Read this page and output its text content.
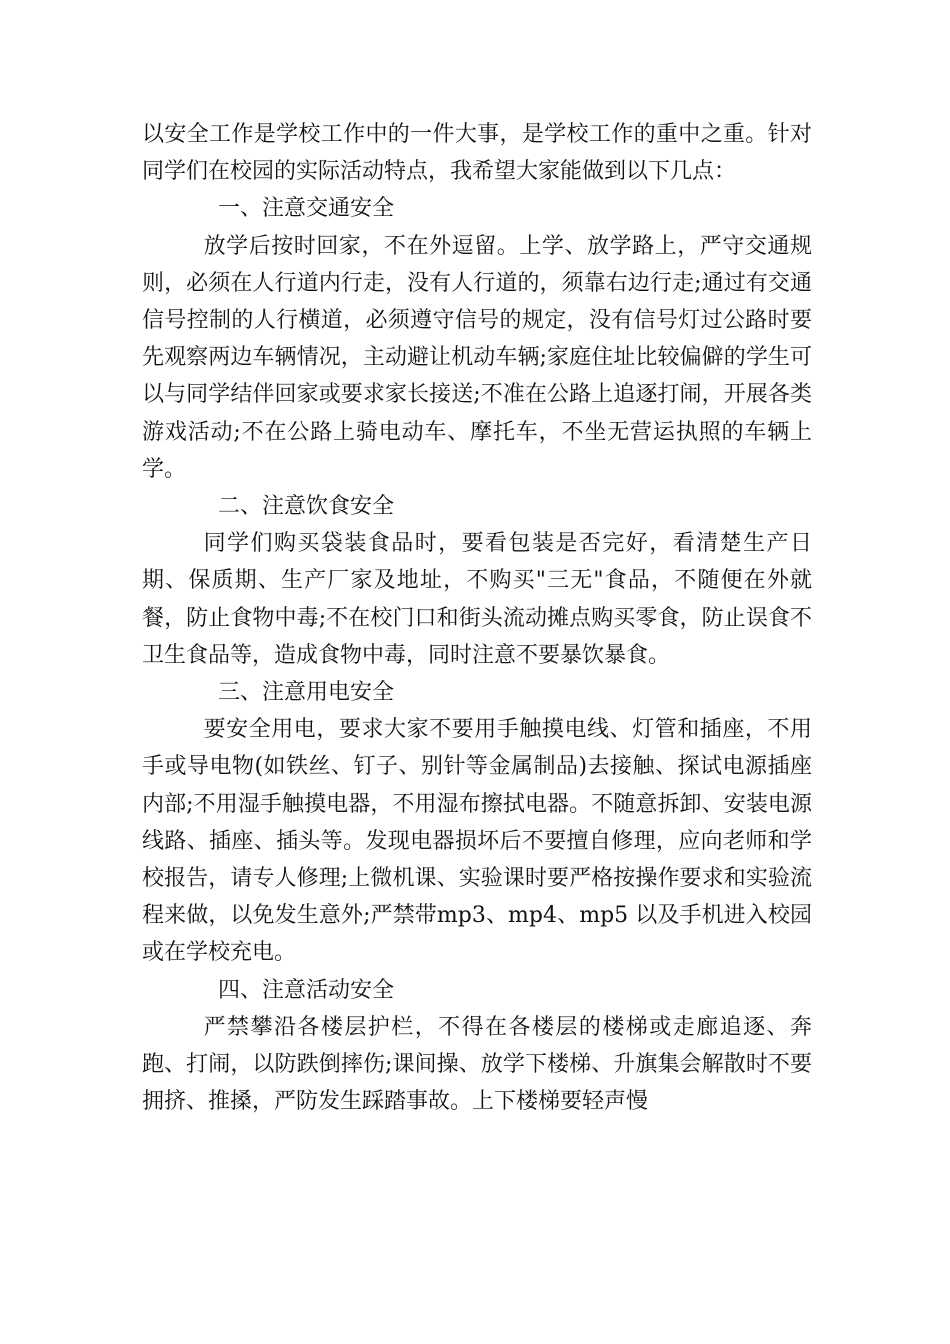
以安全工作是学校工作中的一件大事，是学校工作的重中之重。针对同学们在校园的实际活动特点，我希望大家能做到以下几点：

一、注意交通安全

放学后按时回家，不在外逗留。上学、放学路上，严守交通规则，必须在人行道内行走，没有人行道的，须靠右边行走;通过有交通信号控制的人行横道，必须遵守信号的规定，没有信号灯过公路时要先观察两边车辆情况，主动避让机动车辆;家庭住址比较偏僻的学生可以与同学结伴回家或要求家长接送;不准在公路上追逐打闹，开展各类游戏活动;不在公路上骑电动车、摩托车，不坐无营运执照的车辆上学。

二、注意饮食安全

同学们购买袋装食品时，要看包装是否完好，看清楚生产日期、保质期、生产厂家及地址，不购买"三无"食品，不随便在外就餐，防止食物中毒;不在校门口和街头流动摊点购买零食，防止误食不卫生食品等，造成食物中毒，同时注意不要暴饮暴食。

三、注意用电安全

要安全用电，要求大家不要用手触摸电线、灯管和插座，不用手或导电物(如铁丝、钉子、别针等金属制品)去接触、探试电源插座内部;不用湿手触摸电器，不用湿布擦拭电器。不随意拆卸、安装电源线路、插座、插头等。发现电器损坏后不要擅自修理，应向老师和学校报告，请专人修理;上微机课、实验课时要严格按操作要求和实验流程来做，以免发生意外;严禁带mp3、mp4、mp5 以及手机进入校园或在学校充电。

四、注意活动安全

严禁攀沿各楼层护栏，不得在各楼层的楼梯或走廊追逐、奔跑、打闹，以防跌倒摔伤;课间操、放学下楼梯、升旗集会解散时不要拥挤、推搡，严防发生踩踏事故。上下楼梯要轻声慢
